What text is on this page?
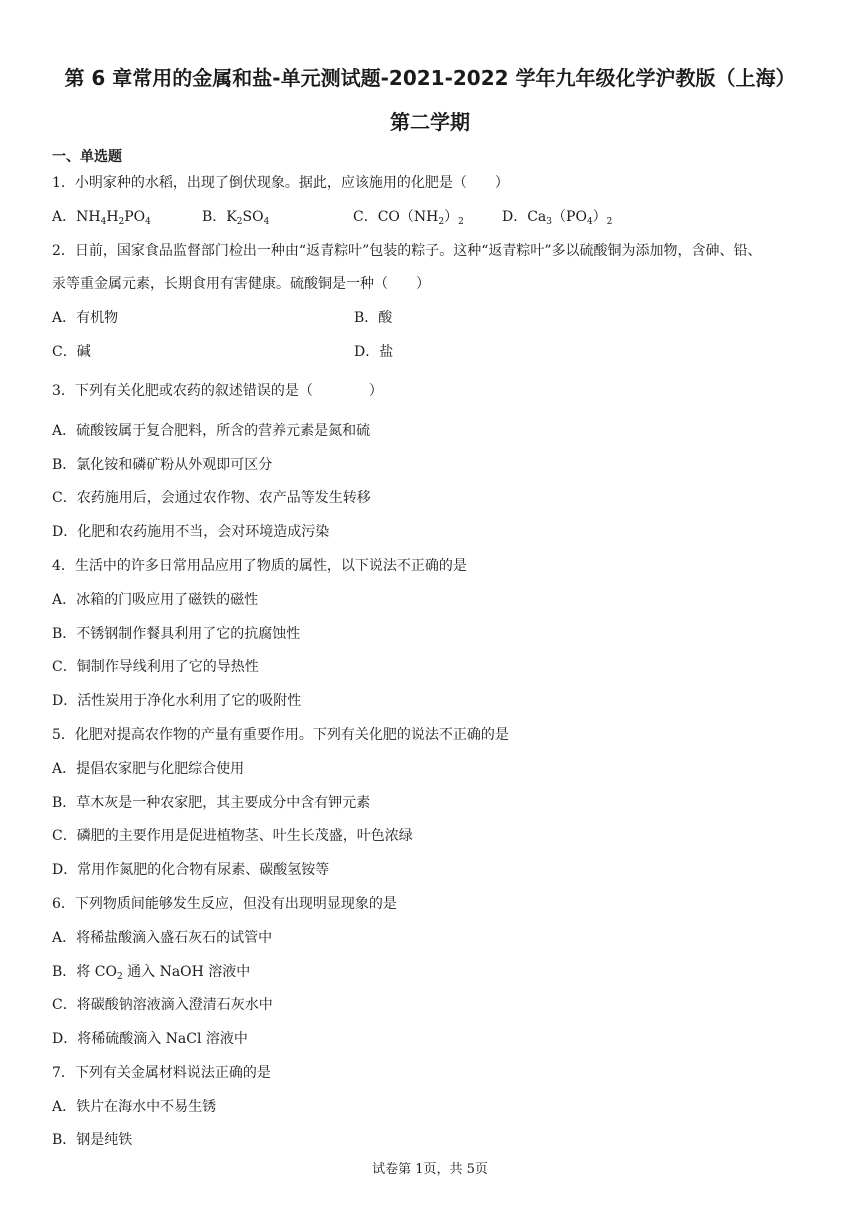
第 6 章常用的金属和盐-单元测试题-2021-2022 学年九年级化学沪教版（上海）
第二学期
一、单选题
1．小明家种的水稻，出现了倒伏现象。据此，应该施用的化肥是（　　）
A．$NH_4H_2PO_4$	B．$K_2SO_4$	C．$CO(NH_2)_2$	D．$Ca_3(PO_4)_2$
2．日前，国家食品监督部门检出一种由“返青粽叶”包装的粽子。这种“返青粽叶”多以硫酸铜为添加物，含砷、铅、
汞等重金属元素，长期食用有害健康。硫酸铜是一种（　　）
A．有机物	B．酸
C．碱	D．盐
3．下列有关化肥或农药的叙述错误的是（　　　　）
A．硫酸铵属于复合肥料，所含的营养元素是氮和硫
B．氯化铵和磷矿粉从外观即可区分
C．农药施用后，会通过农作物、农产品等发生转移
D．化肥和农药施用不当，会对环境造成污染
4．生活中的许多日常用品应用了物质的属性，以下说法不正确的是
A．冰箱的门吸应用了磁铁的磁性
B．不锈钢制作餐具利用了它的抗腐蚀性
C．铜制作导线利用了它的导热性
D．活性炭用于净化水利用了它的吸附性
5．化肥对提高农作物的产量有重要作用。下列有关化肥的说法不正确的是
A．提倡农家肥与化肥综合使用
B．草木灰是一种农家肥，其主要成分中含有钾元素
C．磷肥的主要作用是促进植物茎、叶生长茂盛，叶色浓绿
D．常用作氮肥的化合物有尿素、碳酸氢铵等
6．下列物质间能够发生反应，但没有出现明显现象的是
A．将稀盐酸滴入盛石灰石的试管中
B．将 $CO_2$ 通入 NaOH 溶液中
C．将碳酸钠溶液滴入澄清石灰水中
D．将稀硫酸滴入 NaCl 溶液中
7．下列有关金属材料说法正确的是
A．铁片在海水中不易生锈
B．钢是纯铁
试卷第 1页，共 5页
